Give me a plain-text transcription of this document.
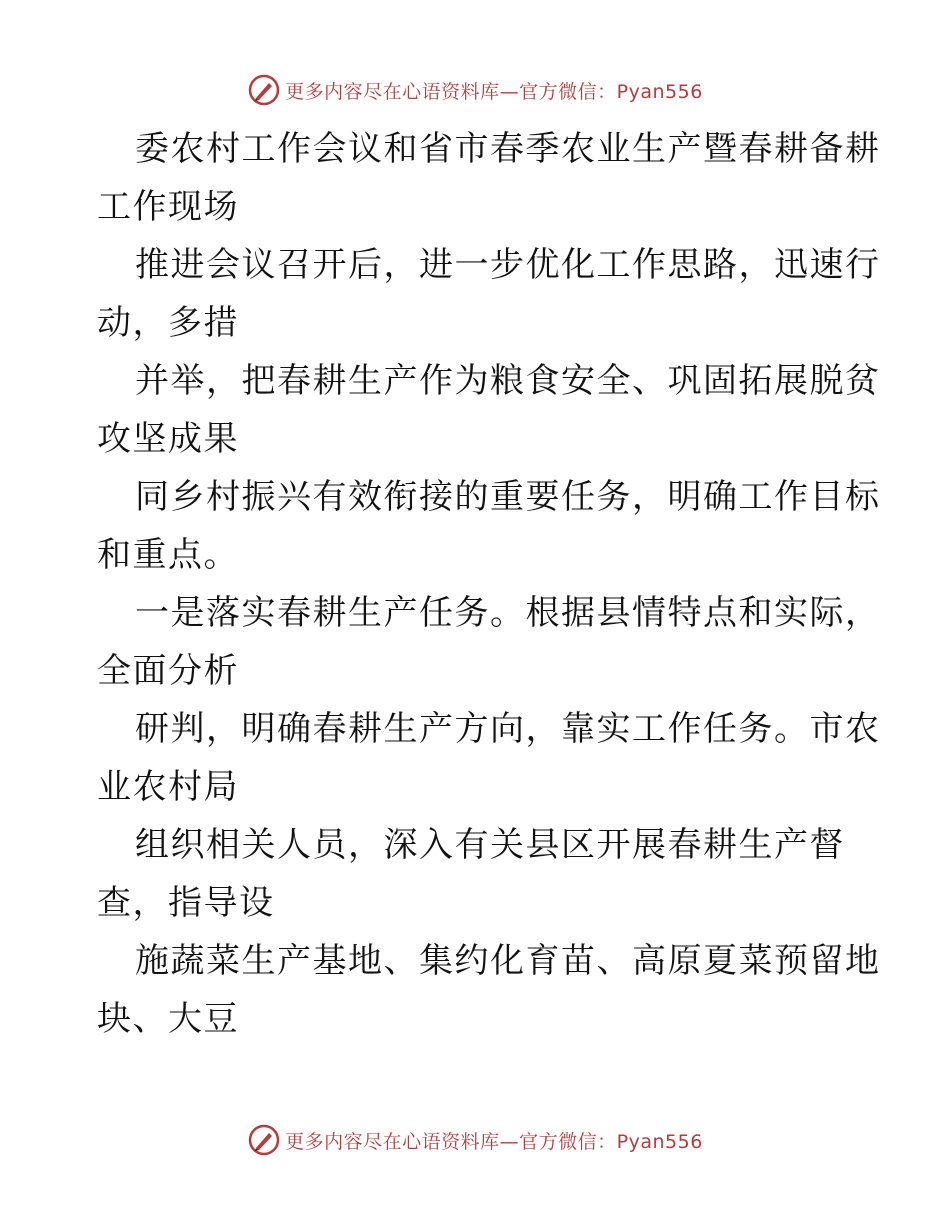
更多内容尽在心语资料库—官方微信：Pyan556
委农村工作会议和省市春季农业生产暨春耕备耕
工作现场
推进会议召开后，进一步优化工作思路，迅速行
动，多措
并举，把春耕生产作为粮食安全、巩固拓展脱贫
攻坚成果
同乡村振兴有效衔接的重要任务，明确工作目标
和重点。
一是落实春耕生产任务。根据县情特点和实际，
全面分析
研判，明确春耕生产方向，靠实工作任务。市农
业农村局
组织相关人员，深入有关县区开展春耕生产督
查，指导设
施蔬菜生产基地、集约化育苗、高原夏菜预留地
块、大豆
更多内容尽在心语资料库—官方微信：Pyan556
